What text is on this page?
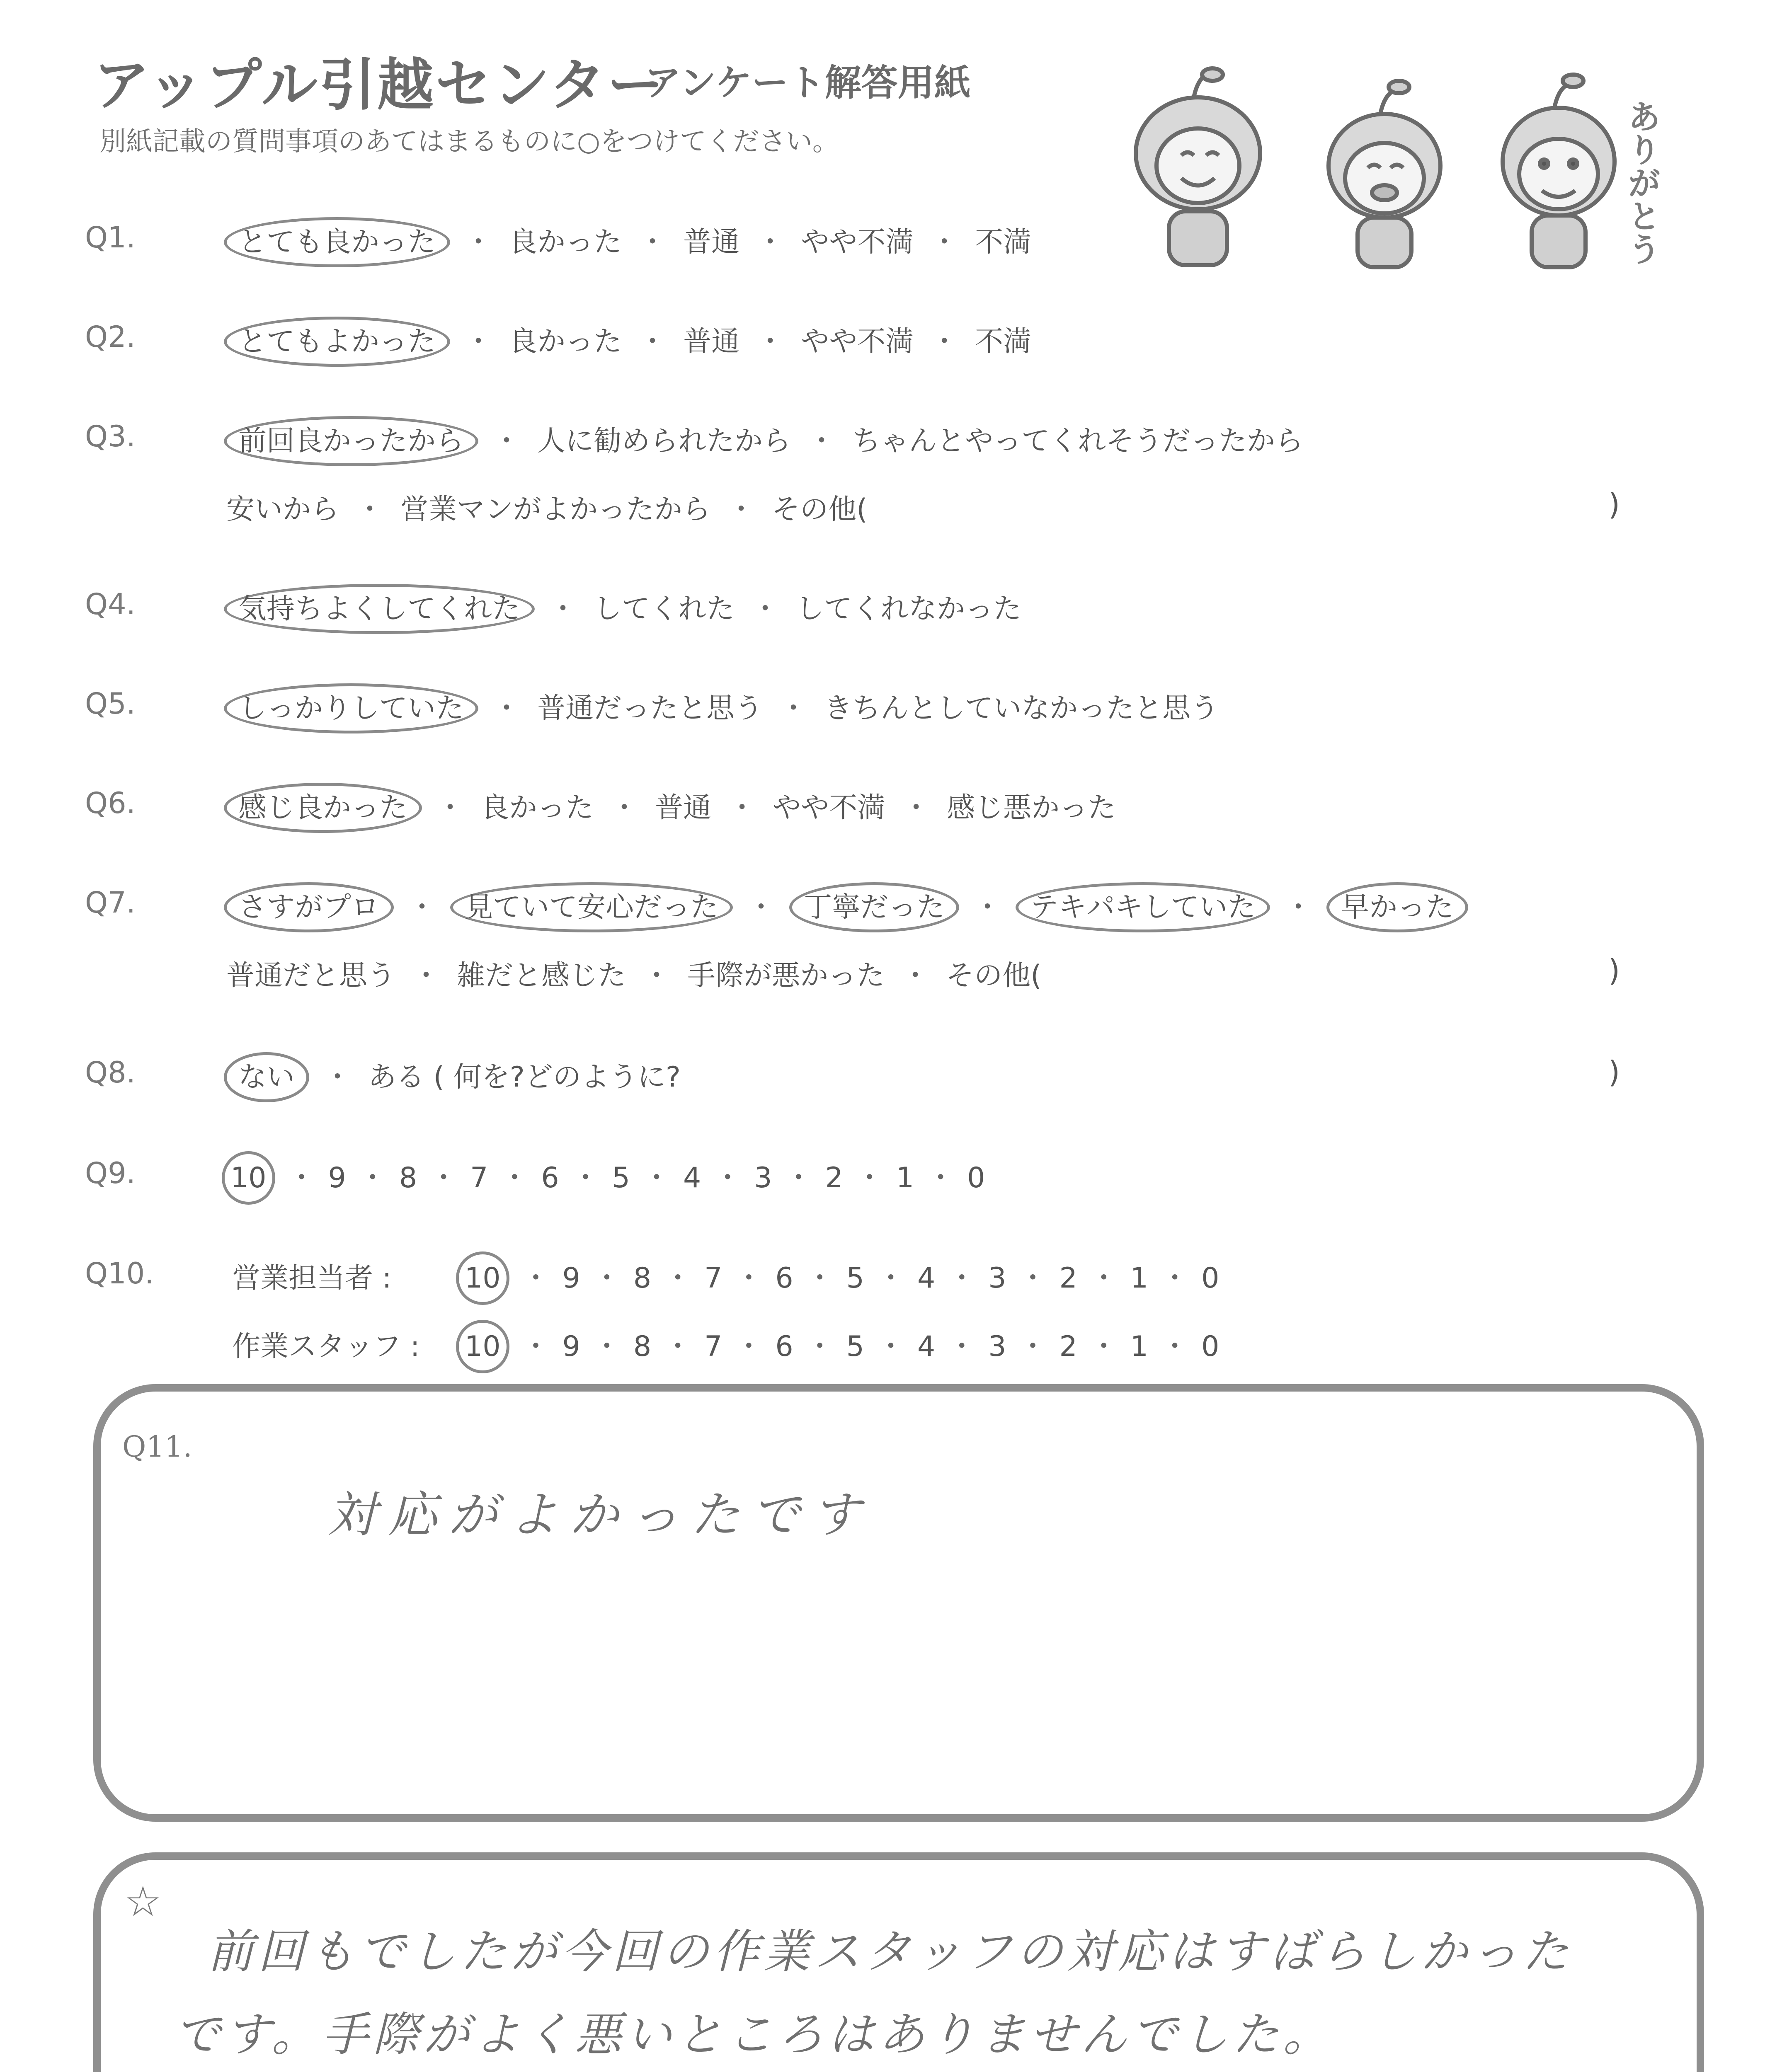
アップル引越センター
アンケート解答用紙
別紙記載の質問事項のあてはまるものに○をつけてください。	ありがとう
Q1.	とても良かった ・ 良かった ・ 普通 ・ やや不満 ・ 不満
Q2.	とてもよかった ・ 良かった ・ 普通 ・ やや不満 ・ 不満
Q3.	前回良かったから ・ 人に勧められたから ・ ちゃんとやってくれそうだったから
安いから ・ 営業マンがよかったから ・ その他(	)
Q4.	気持ちよくしてくれた ・ してくれた ・ してくれなかった
Q5.	しっかりしていた ・ 普通だったと思う ・ きちんとしていなかったと思う
Q6.	感じ良かった ・ 良かった ・ 普通 ・ やや不満 ・ 感じ悪かった
Q7.	さすがプロ ・ 見ていて安心だった ・ 丁寧だった ・ テキパキしていた ・ 早かった
普通だと思う ・ 雑だと感じた ・ 手際が悪かった ・ その他(	)
Q8.	ない ・ ある ( 何を?どのように?	)
Q9.	10 ・ 9 ・ 8 ・ 7 ・ 6 ・ 5 ・ 4 ・ 3 ・ 2 ・ 1 ・ 0
Q10.	営業担当者 :	10 ・ 9 ・ 8 ・ 7 ・ 6 ・ 5 ・ 4 ・ 3 ・ 2 ・ 1 ・ 0
作業スタッフ :	10 ・ 9 ・ 8 ・ 7 ・ 6 ・ 5 ・ 4 ・ 3 ・ 2 ・ 1 ・ 0
Q11.
対応がよかったです
☆
前回もでしたが今回の作業スタッフの対応はすばらしかった
です。手際がよく悪いところはありませんでした。
